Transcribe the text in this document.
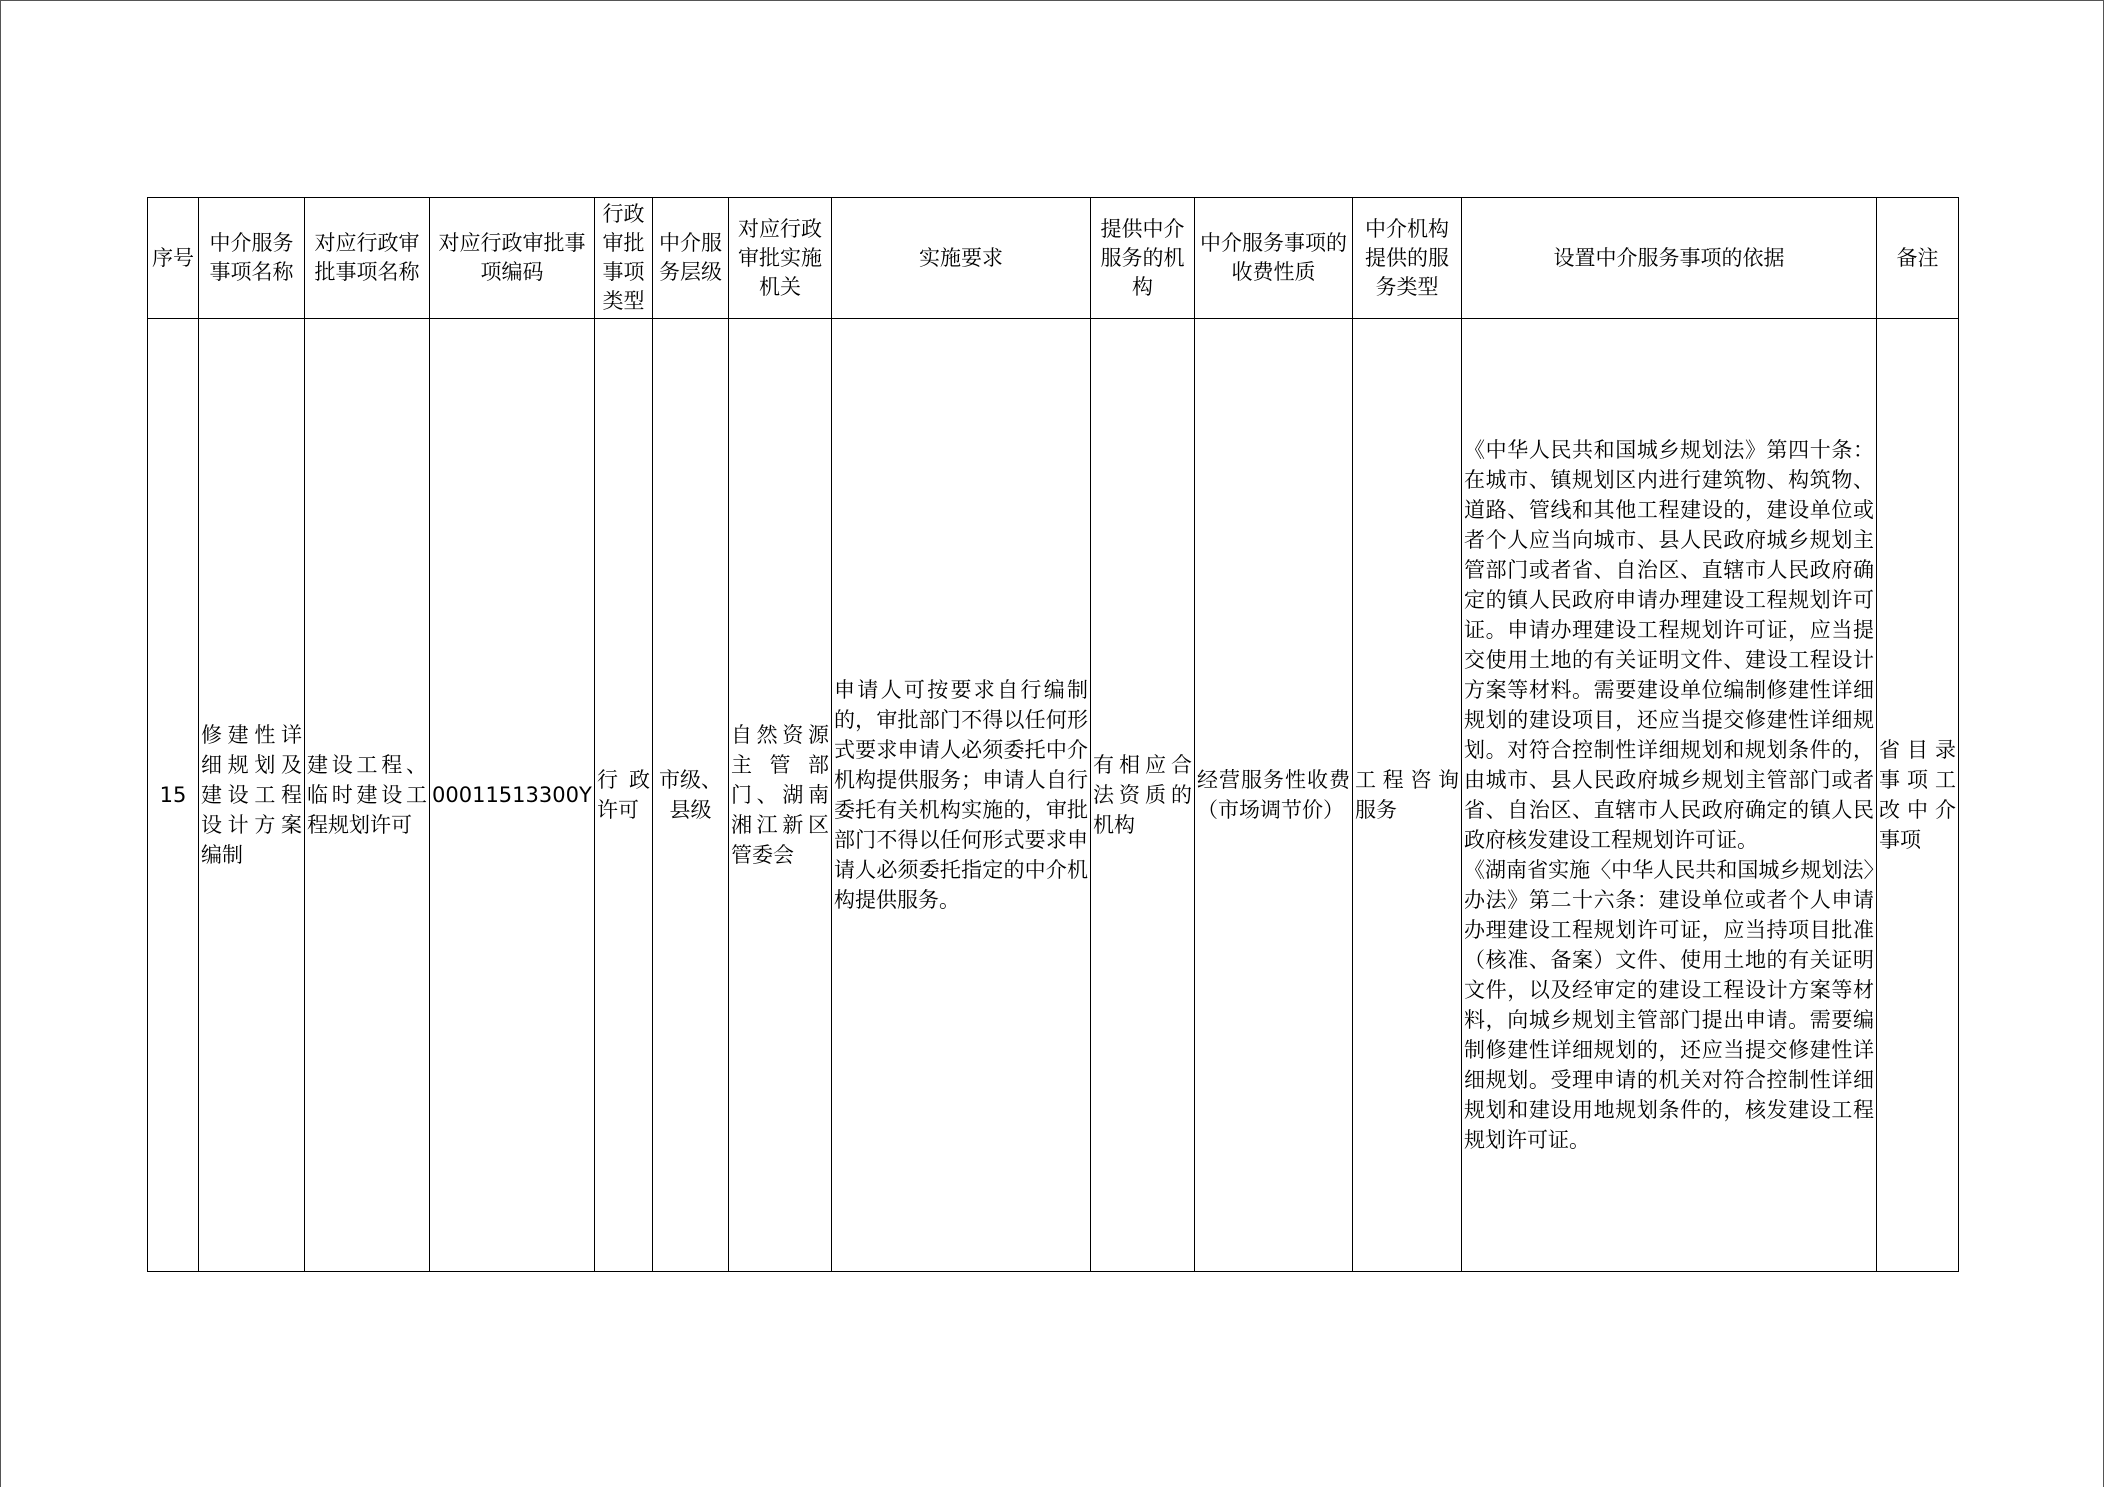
序号	中介服务事项名称	对应行政审批事项名称	对应行政审批事项编码	行政审批事项类型	中介服务层级	对应行政审批实施机关	实施要求	提供中介服务的机构	中介服务事项的收费性质	中介机构提供的服务类型	设置中介服务事项的依据	备注
15	修建性详细规划及建设工程设计方案编制	建设工程、临时建设工程规划许可	00011513300Y	行政许可	市级、县级	自然资源主管部门、湖南湘江新区管委会	申请人可按要求自行编制的，审批部门不得以任何形式要求申请人必须委托中介机构提供服务；申请人自行委托有关机构实施的，审批部门不得以任何形式要求申请人必须委托指定的中介机构提供服务。	有相应合法资质的机构	经营服务性收费（市场调节价）	工程咨询服务	《中华人民共和国城乡规划法》第四十条：在城市、镇规划区内进行建筑物、构筑物、道路、管线和其他工程建设的，建设单位或者个人应当向城市、县人民政府城乡规划主管部门或者省、自治区、直辖市人民政府确定的镇人民政府申请办理建设工程规划许可证。申请办理建设工程规划许可证，应当提交使用土地的有关证明文件、建设工程设计方案等材料。需要建设单位编制修建性详细规划的建设项目，还应当提交修建性详细规划。对符合控制性详细规划和规划条件的，由城市、县人民政府城乡规划主管部门或者省、自治区、直辖市人民政府确定的镇人民政府核发建设工程规划许可证。

《湖南省实施〈中华人民共和国城乡规划法〉办法》第二十六条：建设单位或者个人申请办理建设工程规划许可证，应当持项目批准（核准、备案）文件、使用土地的有关证明文件，以及经审定的建设工程设计方案等材料，向城乡规划主管部门提出申请。需要编制修建性详细规划的，还应当提交修建性详细规划。受理申请的机关对符合控制性详细规划和建设用地规划条件的，核发建设工程规划许可证。	省目录事项工改中介事项
